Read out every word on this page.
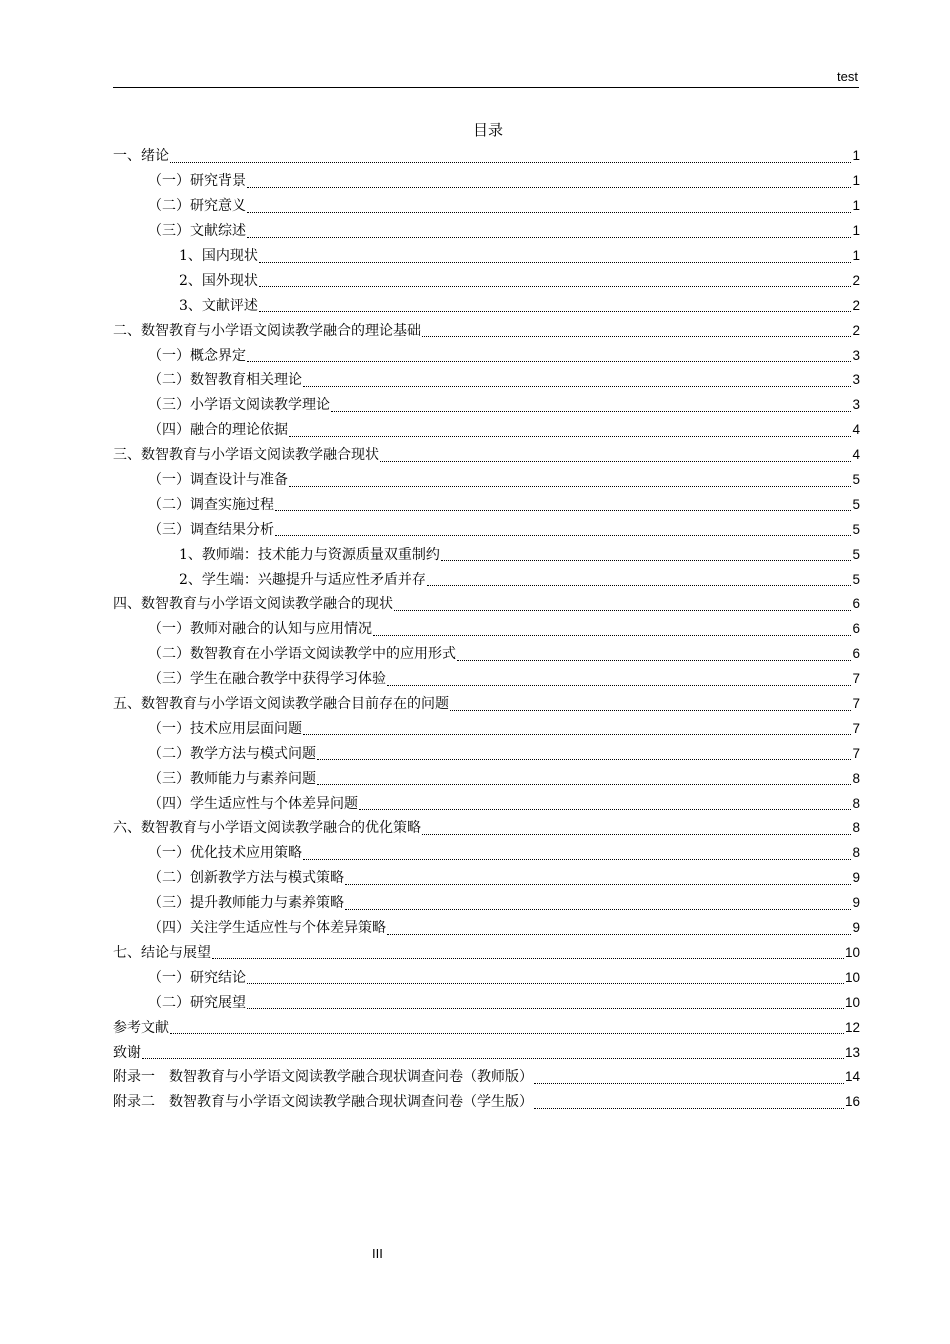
test
目录
一、绪论	1
（一）研究背景	1
（二）研究意义	1
（三）文献综述	1
1、国内现状	1
2、国外现状	2
3、文献评述	2
二、数智教育与小学语文阅读教学融合的理论基础	2
（一）概念界定	3
（二）数智教育相关理论	3
（三）小学语文阅读教学理论	3
（四）融合的理论依据	4
三、数智教育与小学语文阅读教学融合现状	4
（一）调查设计与准备	5
（二）调查实施过程	5
（三）调查结果分析	5
1、教师端：技术能力与资源质量双重制约	5
2、学生端：兴趣提升与适应性矛盾并存	5
四、数智教育与小学语文阅读教学融合的现状	6
（一）教师对融合的认知与应用情况	6
（二）数智教育在小学语文阅读教学中的应用形式	6
（三）学生在融合教学中获得学习体验	7
五、数智教育与小学语文阅读教学融合目前存在的问题	7
（一）技术应用层面问题	7
（二）教学方法与模式问题	7
（三）教师能力与素养问题	8
（四）学生适应性与个体差异问题	8
六、数智教育与小学语文阅读教学融合的优化策略	8
（一）优化技术应用策略	8
（二）创新教学方法与模式策略	9
（三）提升教师能力与素养策略	9
（四）关注学生适应性与个体差异策略	9
七、结论与展望	10
（一）研究结论	10
（二）研究展望	10
参考文献	12
致谢	13
附录一　数智教育与小学语文阅读教学融合现状调查问卷（教师版）	14
附录二　数智教育与小学语文阅读教学融合现状调查问卷（学生版）	16
III
